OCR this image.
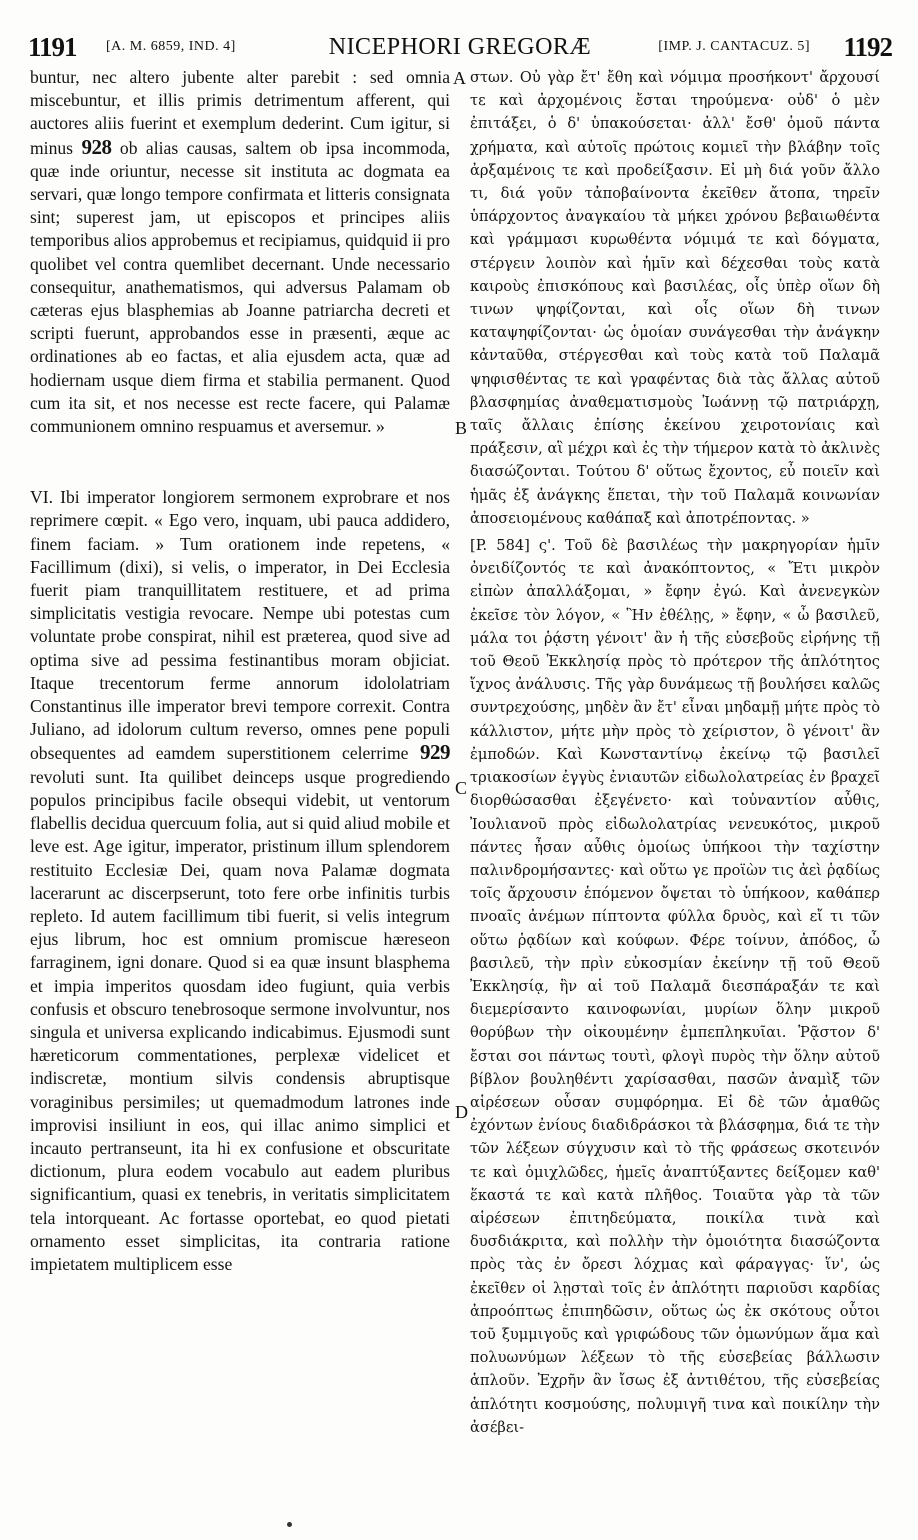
1191 [A. M. 6859, IND. 4]	NICEPHORI GREGORÆ	[IMP. J. CANTACUZ. 5] 1192

buntur, nec altero jubente alter parebit : sed omnia miscebuntur, et illis primis detrimentum afferent, qui auctores aliis fuerint et exemplum dederint. Cum igitur, si minus 928 ob alias causas, saltem ob ipsa incommoda, quæ inde oriuntur, necesse sit instituta ac dogmata ea servari, quæ longo tempore confirmata et litteris consignata sint; superest jam, ut episcopos et principes aliis temporibus alios approbemus et recipiamus, quidquid ii pro quolibet vel contra quemlibet decernant. Unde necessario consequitur, anathematismos, qui adversus Palamam ob cæteras ejus blasphemias ab Joanne patriarcha decreti et scripti fuerunt, approbandos esse in præsenti, æque ac ordinationes ab eo factas, et alia ejusdem acta, quæ ad hodiernam usque diem firma et stabilia permanent. Quod cum ita sit, et nos necesse est recte facere, qui Palamæ communionem omnino respuamus et aversemur. »

VI. Ibi imperator longiorem sermonem exprobrare et nos reprimere cœpit. « Ego vero, inquam, ubi pauca addidero, finem faciam. » Tum orationem inde repetens, « Facillimum (dixi), si velis, o imperator, in Dei Ecclesia fuerit piam tranquillitatem restituere, et ad prima simplicitatis vestigia revocare. Nempe ubi potestas cum voluntate probe conspirat, nihil est præterea, quod sive ad optima sive ad pessima festinantibus moram objiciat. Itaque trecentorum ferme annorum idololatriam Constantinus ille imperator brevi tempore correxit. Contra Juliano, ad idolorum cultum reverso, omnes pene populi obsequentes ad eamdem superstitionem celerrime 929 revoluti sunt. Ita quilibet deinceps usque progrediendo populos principibus facile obsequi videbit, ut ventorum flabellis decidua quercuum folia, aut si quid aliud mobile et leve est. Age igitur, imperator, pristinum illum splendorem restituito Ecclesiæ Dei, quam nova Palamæ dogmata lacerarunt ac discerpserunt, toto fere orbe infinitis turbis repleto. Id autem facillimum tibi fuerit, si velis integrum ejus librum, hoc est omnium promiscue hæreseon farraginem, igni donare. Quod si ea quæ insunt blasphema et impia imperitos quosdam ideo fugiunt, quia verbis confusis et obscuro tenebrosoque sermone involvuntur, nos singula et universa explicando indicabimus. Ejusmodi sunt hæreticorum commentationes, perplexæ videlicet et indiscretæ, montium silvis condensis abruptisque voraginibus persimiles; ut quemadmodum latrones inde improvisi insiliunt in eos, qui illac animo simplici et incauto pertranseunt, ita hi ex confusione et obscuritate dictionum, plura eodem vocabulo aut eadem pluribus significantium, quasi ex tenebris, in veritatis simplicitatem tela intorqueant. Ac fortasse oportebat, eo quod pietati ornamento esset simplicitas, ita contraria ratione impietatem multiplicem esse

A
B
C
D

στων. Οὐ γὰρ ἔτ' ἔθη καὶ νόμιμα προσήκοντ' ἄρχουσί τε καὶ ἀρχομένοις ἔσται τηρούμενα· οὐδ' ὁ μὲν ἐπιτάξει, ὁ δ' ὑπακούσεται· ἀλλ' ἔσθ' ὁμοῦ πάντα χρήματα, καὶ αὐτοῖς πρώτοις κομιεῖ τὴν βλάβην τοῖς ἀρξαμένοις τε καὶ προδείξασιν. Εἰ μὴ διά γοῦν ἄλλο τι, διά γοῦν τἀποβαίνοντα ἐκεῖθεν ἄτοπα, τηρεῖν ὑπάρχοντος ἀναγκαίου τὰ μήκει χρόνου βεβαιωθέντα καὶ γράμμασι κυρωθέντα νόμιμά τε καὶ δόγματα, στέργειν λοιπὸν καὶ ἡμῖν καὶ δέχεσθαι τοὺς κατὰ καιροὺς ἐπισκόπους καὶ βασιλέας, οἷς ὑπὲρ οἵων δὴ τινων ψηφίζονται, καὶ οἷς οἵων δὴ τινων καταψηφίζονται· ὡς ὁμοίαν συνάγεσθαι τὴν ἀνάγκην κἀνταῦθα, στέργεσθαι καὶ τοὺς κατὰ τοῦ Παλαμᾶ ψηφισθέντας τε καὶ γραφέντας διὰ τὰς ἄλλας αὐτοῦ βλασφημίας ἀναθεματισμοὺς Ἰωάννῃ τῷ πατριάρχῃ, ταῖς ἄλλαις ἐπίσης ἐκείνου χειροτονίαις καὶ πράξεσιν, αἳ μέχρι καὶ ἐς τὴν τήμερον κατὰ τὸ ἀκλινὲς διασώζονται. Τούτου δ' οὕτως ἔχοντος, εὖ ποιεῖν καὶ ἡμᾶς ἐξ ἀνάγκης ἕπεται, τὴν τοῦ Παλαμᾶ κοινωνίαν ἀποσειομένους καθάπαξ καὶ ἀποτρέποντας. »

[P. 584] ς'. Τοῦ δὲ βασιλέως τὴν μακρηγορίαν ἡμῖν ὀνειδίζοντός τε καὶ ἀνακόπτοντος, « Ἔτι μικρὸν εἰπὼν ἀπαλλάξομαι, » ἔφην ἐγώ. Καὶ ἀνενεγκὼν ἐκεῖσε τὸν λόγον, « Ἣν ἐθέλῃς, » ἔφην, « ὦ βασιλεῦ, μάλα τοι ῥᾴστη γένοιτ' ἂν ἡ τῆς εὐσεβοῦς εἰρήνης τῇ τοῦ Θεοῦ Ἐκκλησίᾳ πρὸς τὸ πρότερον τῆς ἁπλότητος ἴχνος ἀνάλυσις. Τῆς γὰρ δυνάμεως τῇ βουλήσει καλῶς συντρεχούσης, μηδὲν ἂν ἔτ' εἶναι μηδαμῇ μήτε πρὸς τὸ κάλλιστον, μήτε μὴν πρὸς τὸ χείριστον, ὃ γένοιτ' ἂν ἐμποδών. Καὶ Κωνσταντίνῳ ἐκείνῳ τῷ βασιλεῖ τριακοσίων ἐγγὺς ἐνιαυτῶν εἰδωλολατρείας ἐν βραχεῖ διορθώσασθαι ἐξεγένετο· καὶ τοὐναντίον αὖθις, Ἰουλιανοῦ πρὸς εἰδωλολατρίας νενευκότος, μικροῦ πάντες ἦσαν αὖθις ὁμοίως ὑπήκοοι τὴν ταχίστην παλινδρομήσαντες· καὶ οὕτω γε προϊὼν τις ἀεὶ ῥᾳδίως τοῖς ἄρχουσιν ἑπόμενον ὄψεται τὸ ὑπήκοον, καθάπερ πνοαῖς ἀνέμων πίπτοντα φύλλα δρυὸς, καὶ εἴ τι τῶν οὕτω ῥᾳδίων καὶ κούφων. Φέρε τοίνυν, ἀπόδος, ὦ βασιλεῦ, τὴν πρὶν εὐκοσμίαν ἐκείνην τῇ τοῦ Θεοῦ Ἐκκλησίᾳ, ἣν αἱ τοῦ Παλαμᾶ διεσπάραξάν τε καὶ διεμερίσαντο καινοφωνίαι, μυρίων ὅλην μικροῦ θορύβων τὴν οἰκουμένην ἐμπεπληκυῖαι. Ῥᾷστον δ' ἔσται σοι πάντως τουτὶ, φλογὶ πυρὸς τὴν ὅλην αὐτοῦ βίβλον βουληθέντι χαρίσασθαι, πασῶν ἀναμὶξ τῶν αἱρέσεων οὖσαν συμφόρημα. Εἰ δὲ τῶν ἀμαθῶς ἐχόντων ἐνίους διαδιδράσκοι τὰ βλάσφημα, διά τε τὴν τῶν λέξεων σύγχυσιν καὶ τὸ τῆς φράσεως σκοτεινόν τε καὶ ὁμιχλῶδες, ἡμεῖς ἀναπτύξαντες δείξομεν καθ' ἕκαστά τε καὶ κατὰ πλῆθος. Τοιαῦτα γὰρ τὰ τῶν αἱρέσεων ἐπιτηδεύματα, ποικίλα τινὰ καὶ δυσδιάκριτα, καὶ πολλὴν τὴν ὁμοιότητα διασώζοντα πρὸς τὰς ἐν ὄρεσι λόχμας καὶ φάραγγας· ἵν', ὡς ἐκεῖθεν οἱ λῃσταὶ τοῖς ἐν ἁπλότητι παριοῦσι καρδίας ἀπροόπτως ἐπιπηδῶσιν, οὕτως ὡς ἐκ σκότους οὗτοι τοῦ ξυμμιγοῦς καὶ γριφώδους τῶν ὁμωνύμων ἅμα καὶ πολυωνύμων λέξεων τὸ τῆς εὐσεβείας βάλλωσιν ἁπλοῦν. Ἐχρῆν ἂν ἴσως ἐξ ἀντιθέτου, τῆς εὐσεβείας ἁπλότητι κοσμούσης, πολυμιγῆ τινα καὶ ποικίλην τὴν ἀσέβει-
